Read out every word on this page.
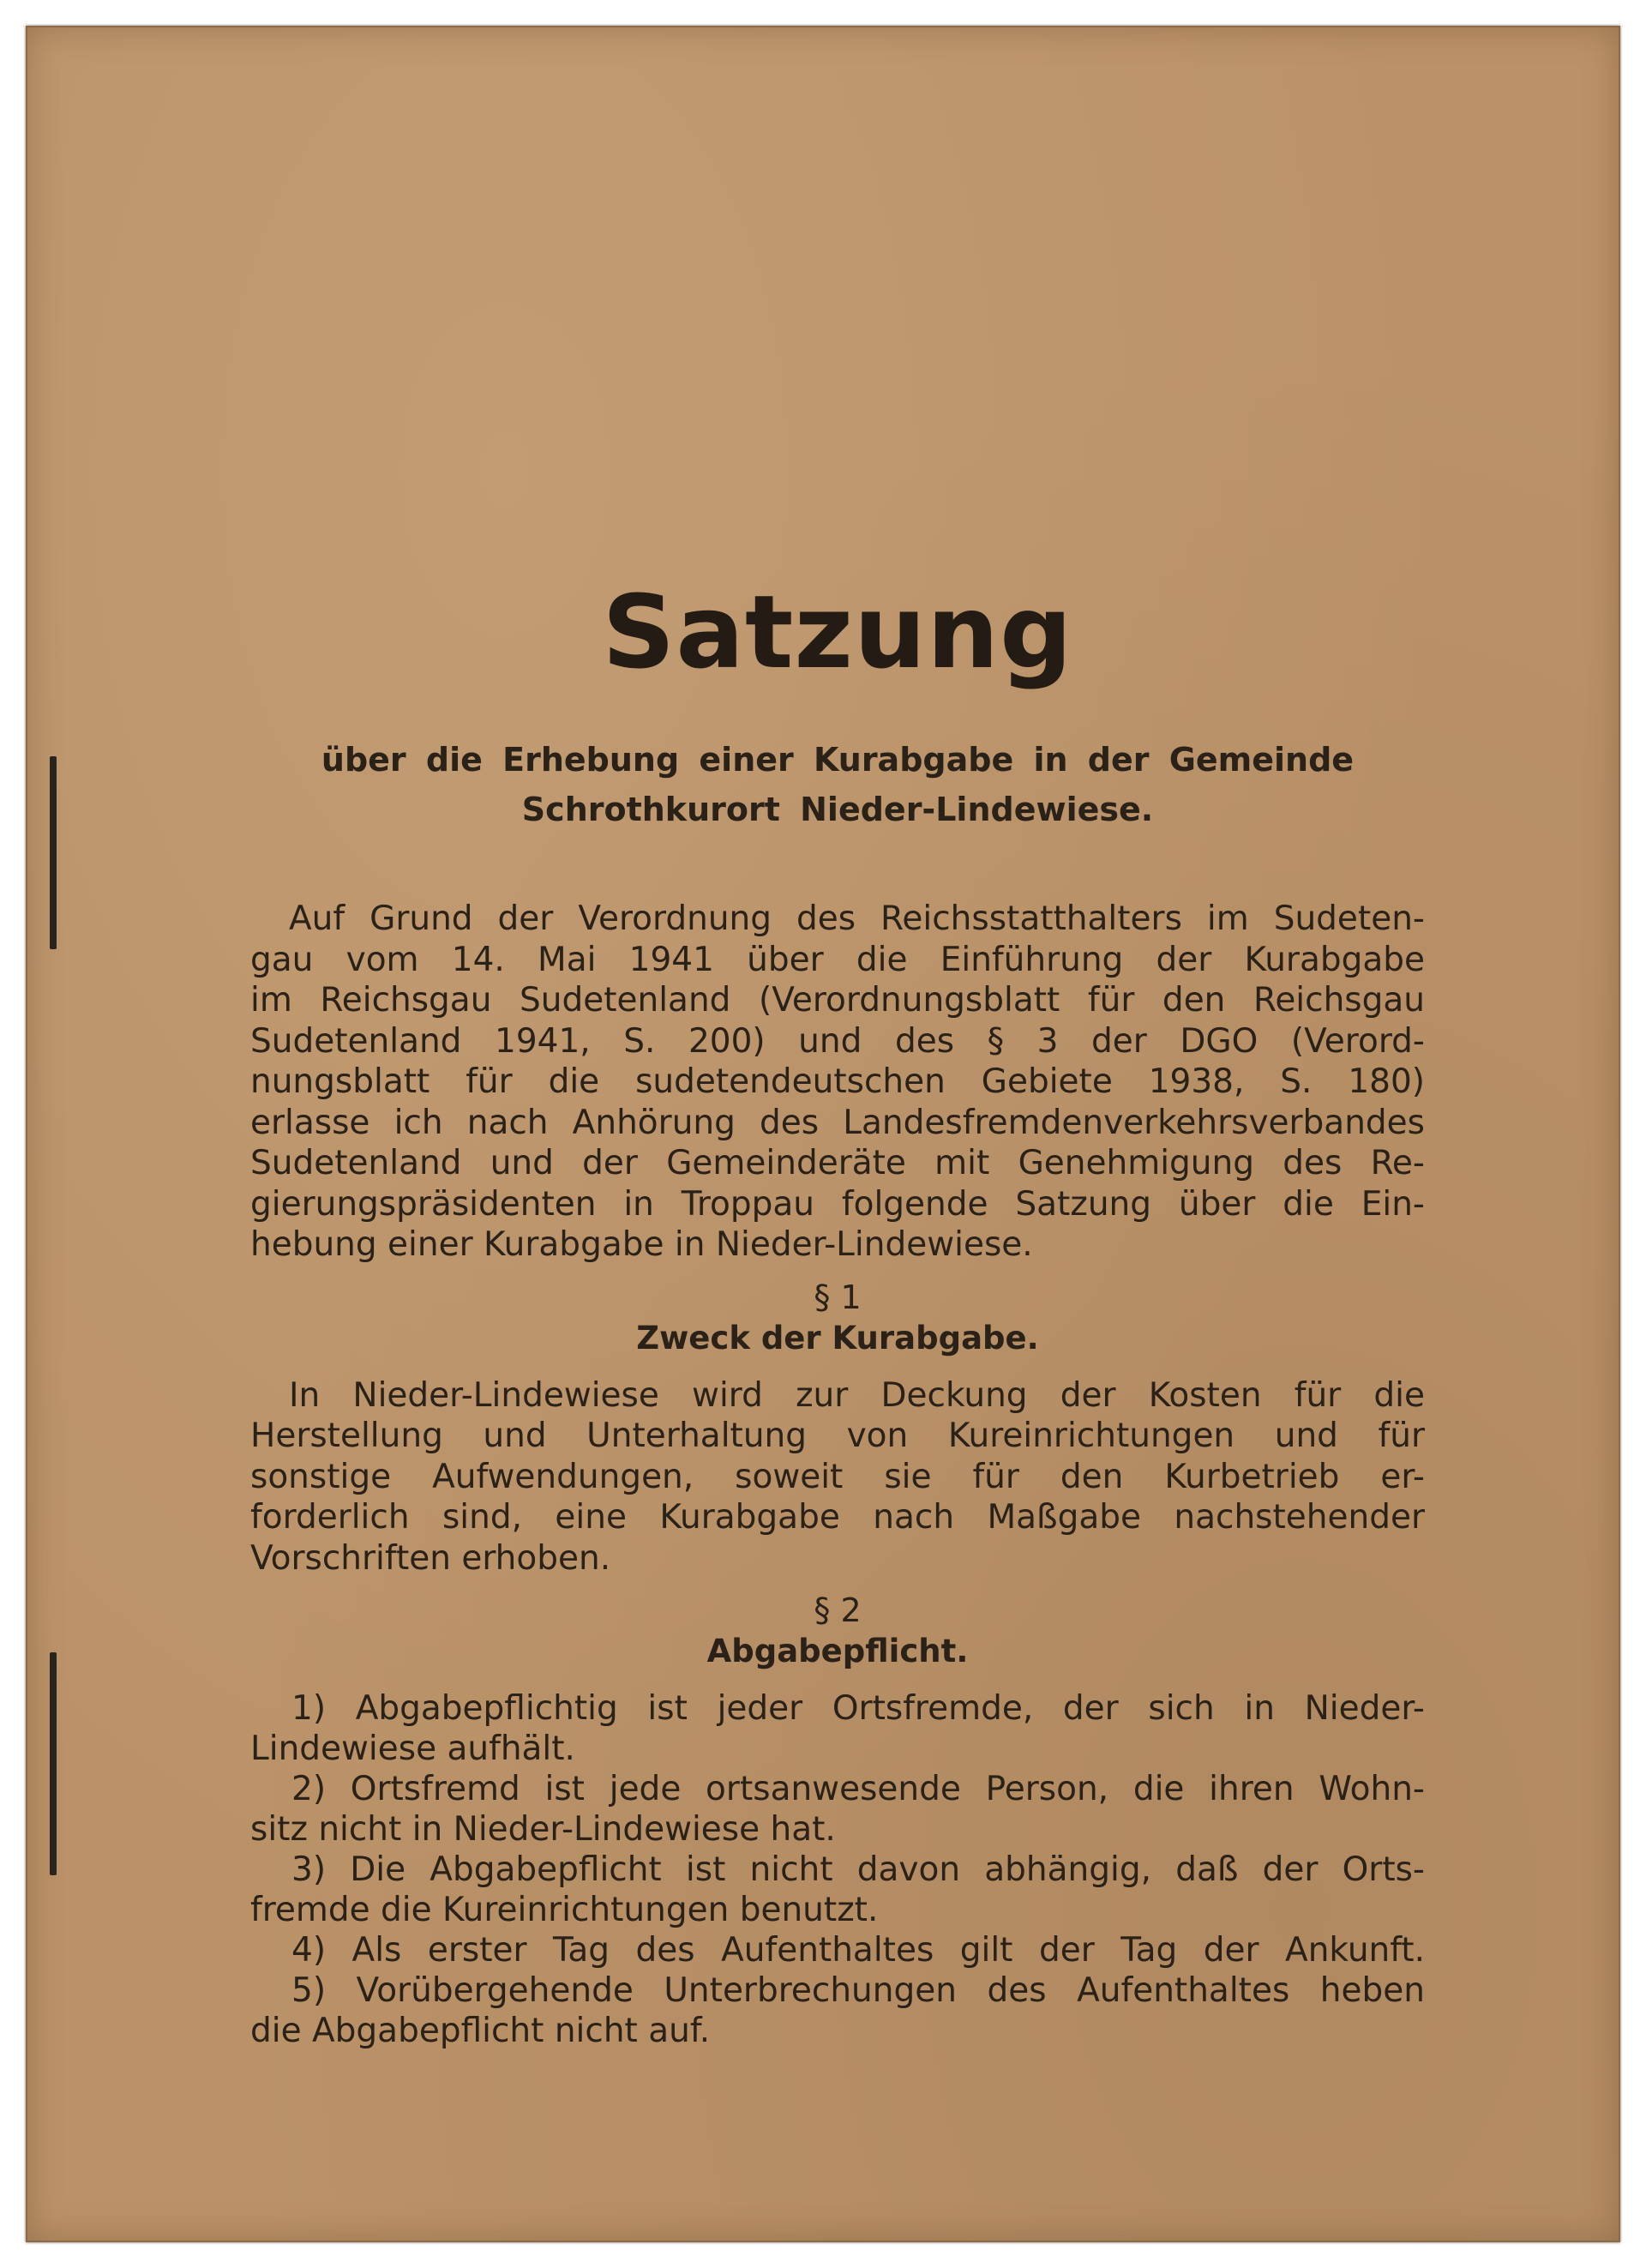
Satzung
über die Erhebung einer Kurabgabe in der Gemeinde
Schrothkurort Nieder-Lindewiese.
Auf Grund der Verordnung des Reichsstatthalters im Sudeten-
gau vom 14. Mai 1941 über die Einführung der Kurabgabe
im Reichsgau Sudetenland (Verordnungsblatt für den Reichsgau
Sudetenland 1941, S. 200) und des § 3 der DGO (Verord-
nungsblatt für die sudetendeutschen Gebiete 1938, S. 180)
erlasse ich nach Anhörung des Landesfremdenverkehrsverbandes
Sudetenland und der Gemeinderäte mit Genehmigung des Re-
gierungspräsidenten in Troppau folgende Satzung über die Ein-
hebung einer Kurabgabe in Nieder-Lindewiese.
§ 1
Zweck der Kurabgabe.
In Nieder-Lindewiese wird zur Deckung der Kosten für die
Herstellung und Unterhaltung von Kureinrichtungen und für
sonstige Aufwendungen, soweit sie für den Kurbetrieb er-
forderlich sind, eine Kurabgabe nach Maßgabe nachstehender
Vorschriften erhoben.
§ 2
Abgabepflicht.
1) Abgabepflichtig ist jeder Ortsfremde, der sich in Nieder-
Lindewiese aufhält.
2) Ortsfremd ist jede ortsanwesende Person, die ihren Wohn-
sitz nicht in Nieder-Lindewiese hat.
3) Die Abgabepflicht ist nicht davon abhängig, daß der Orts-
fremde die Kureinrichtungen benutzt.
4) Als erster Tag des Aufenthaltes gilt der Tag der Ankunft.
5) Vorübergehende Unterbrechungen des Aufenthaltes heben
die Abgabepflicht nicht auf.
